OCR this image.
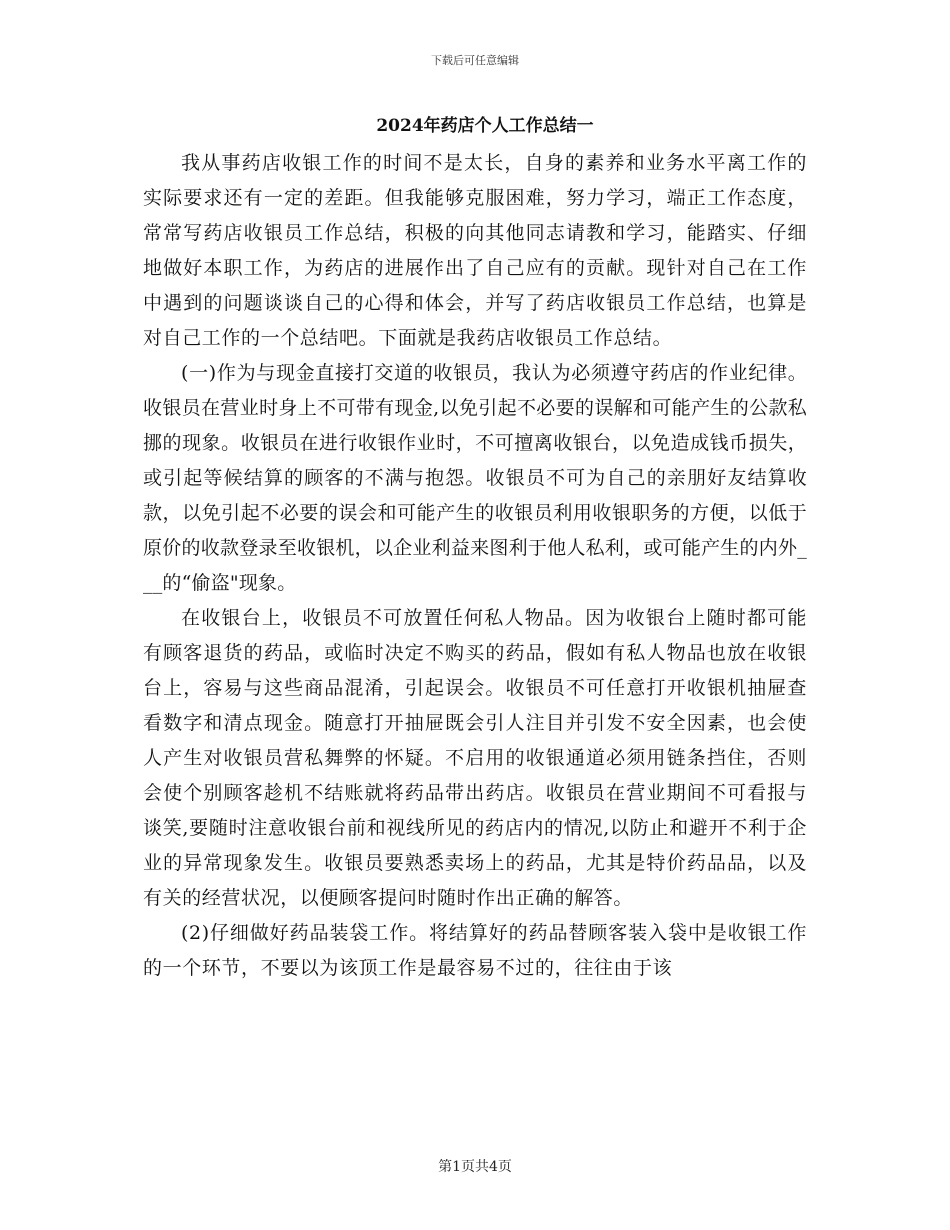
下载后可任意编辑
2024年药店个人工作总结一

我从事药店收银工作的时间不是太长，自身的素养和业务水平离工作的实际要求还有一定的差距。但我能够克服困难，努力学习，端正工作态度，常常写药店收银员工作总结，积极的向其他同志请教和学习，能踏实、仔细地做好本职工作，为药店的进展作出了自己应有的贡献。现针对自己在工作中遇到的问题谈谈自己的心得和体会，并写了药店收银员工作总结，也算是对自己工作的一个总结吧。下面就是我药店收银员工作总结。

(一)作为与现金直接打交道的收银员，我认为必须遵守药店的作业纪律。收银员在营业时身上不可带有现金,以免引起不必要的误解和可能产生的公款私挪的现象。收银员在进行收银作业时，不可擅离收银台，以免造成钱币损失，或引起等候结算的顾客的不满与抱怨。收银员不可为自己的亲朋好友结算收款，以免引起不必要的误会和可能产生的收银员利用收银职务的方便，以低于原价的收款登录至收银机，以企业利益来图利于他人私利，或可能产生的内外___的“偷盗"现象。

在收银台上，收银员不可放置任何私人物品。因为收银台上随时都可能有顾客退货的药品，或临时决定不购买的药品，假如有私人物品也放在收银台上，容易与这些商品混淆，引起误会。收银员不可任意打开收银机抽屉查看数字和清点现金。随意打开抽屉既会引人注目并引发不安全因素，也会使人产生对收银员营私舞弊的怀疑。不启用的收银通道必须用链条挡住，否则会使个别顾客趁机不结账就将药品带出药店。收银员在营业期间不可看报与谈笑,要随时注意收银台前和视线所见的药店内的情况,以防止和避开不利于企业的异常现象发生。收银员要熟悉卖场上的药品，尤其是特价药品品，以及有关的经营状况，以便顾客提问时随时作出正确的解答。

(2)仔细做好药品装袋工作。将结算好的药品替顾客装入袋中是收银工作的一个环节，不要以为该顶工作是最容易不过的，往往由于该

第1页共4页
